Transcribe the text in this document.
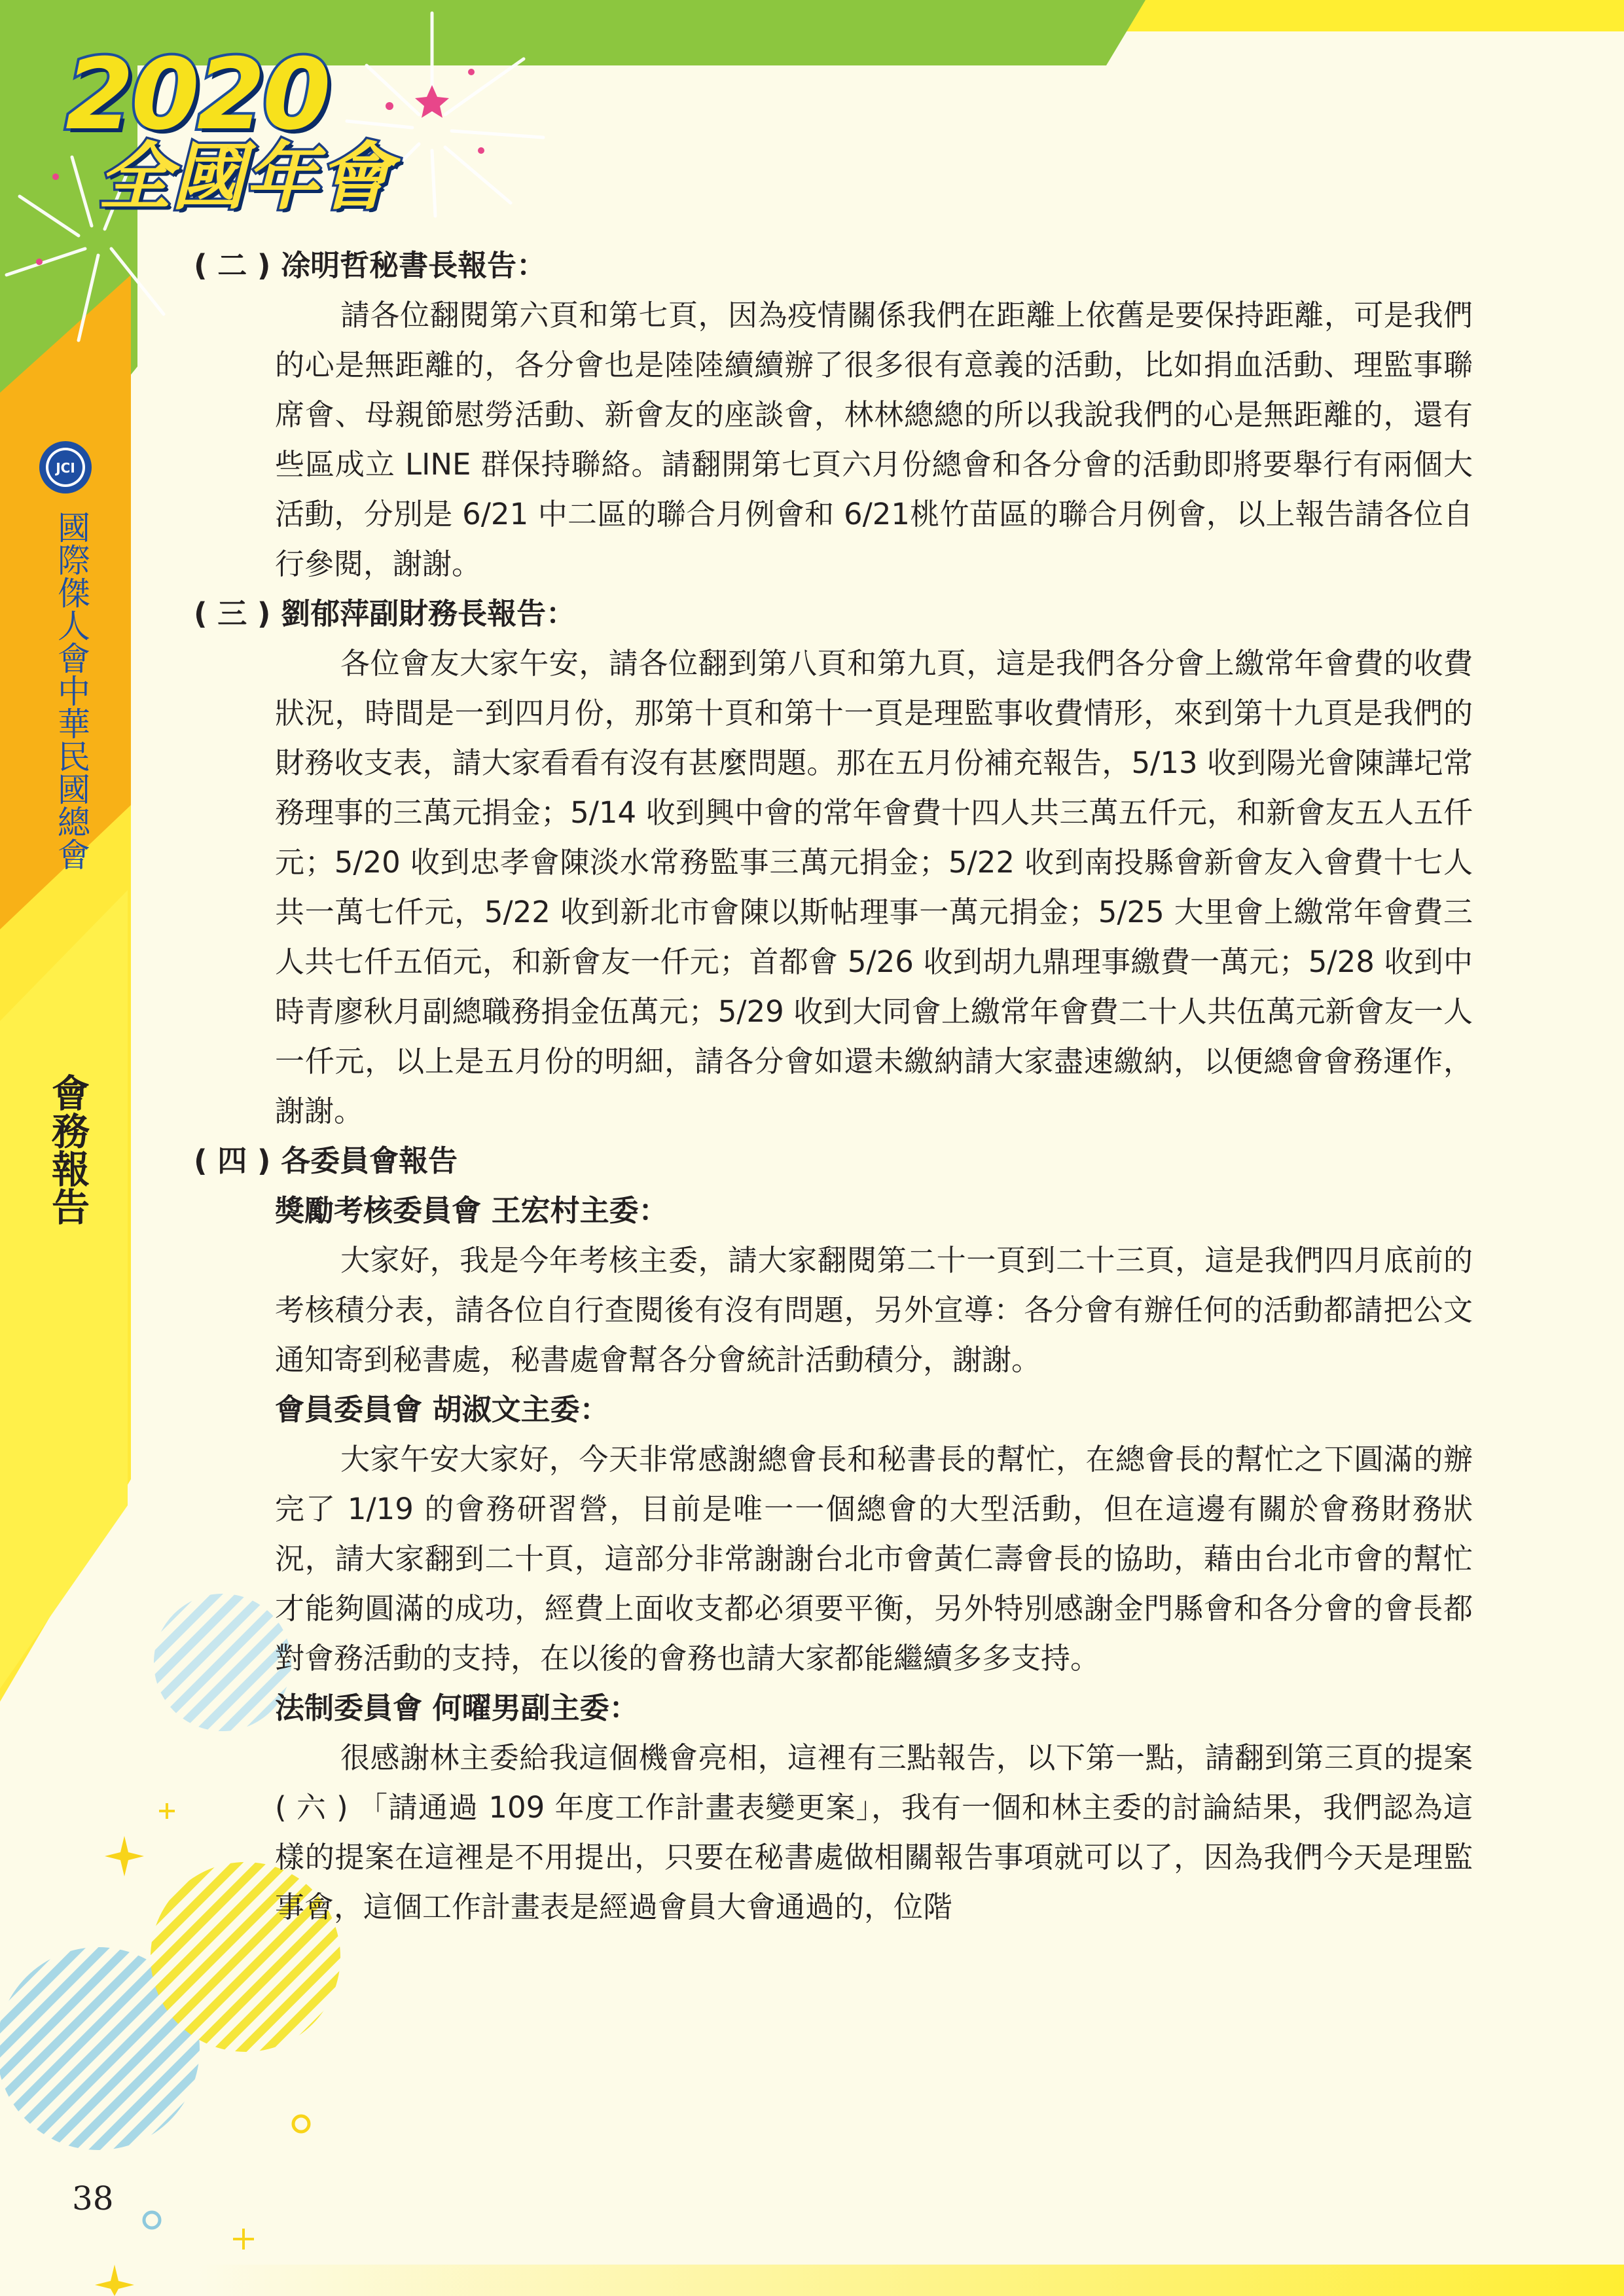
2020
全國年會
JCI
國際傑人會中華民國總會
會務報告

( 二 ) 凃明哲秘書長報告：

請各位翻閱第六頁和第七頁，因為疫情關係我們在距離上依舊是要保持距離，可是我們的心是無距離的，各分會也是陸陸續續辦了很多很有意義的活動，比如捐血活動、理監事聯席會、母親節慰勞活動、新會友的座談會，林林總總的所以我說我們的心是無距離的，還有些區成立 LINE 群保持聯絡。請翻開第七頁六月份總會和各分會的活動即將要舉行有兩個大活動，分別是 6/21 中二區的聯合月例會和 6/21桃竹苗區的聯合月例會，以上報告請各位自行參閱，謝謝。

( 三 ) 劉郁萍副財務長報告：

各位會友大家午安，請各位翻到第八頁和第九頁，這是我們各分會上繳常年會費的收費狀況，時間是一到四月份，那第十頁和第十一頁是理監事收費情形，來到第十九頁是我們的財務收支表，請大家看看有沒有甚麼問題。那在五月份補充報告，5/13 收到陽光會陳譁圮常務理事的三萬元捐金；5/14 收到興中會的常年會費十四人共三萬五仟元，和新會友五人五仟元；5/20 收到忠孝會陳淡水常務監事三萬元捐金；5/22 收到南投縣會新會友入會費十七人共一萬七仟元，5/22 收到新北市會陳以斯帖理事一萬元捐金；5/25 大里會上繳常年會費三人共七仟五佰元，和新會友一仟元；首都會 5/26 收到胡九鼎理事繳費一萬元；5/28 收到中時青廖秋月副總職務捐金伍萬元；5/29 收到大同會上繳常年會費二十人共伍萬元新會友一人一仟元，以上是五月份的明細，請各分會如還未繳納請大家盡速繳納，以便總會會務運作，謝謝。

( 四 ) 各委員會報告

獎勵考核委員會 王宏村主委：

大家好，我是今年考核主委，請大家翻閱第二十一頁到二十三頁，這是我們四月底前的考核積分表，請各位自行查閱後有沒有問題，另外宣導：各分會有辦任何的活動都請把公文通知寄到秘書處，秘書處會幫各分會統計活動積分，謝謝。

會員委員會 胡淑文主委：

大家午安大家好，今天非常感謝總會長和秘書長的幫忙，在總會長的幫忙之下圓滿的辦完了 1/19 的會務研習營，目前是唯一一個總會的大型活動，但在這邊有關於會務財務狀況，請大家翻到二十頁，這部分非常謝謝台北市會黃仁壽會長的協助，藉由台北市會的幫忙才能夠圓滿的成功，經費上面收支都必須要平衡，另外特別感謝金門縣會和各分會的會長都對會務活動的支持，在以後的會務也請大家都能繼續多多支持。

法制委員會 何曜男副主委：

很感謝林主委給我這個機會亮相，這裡有三點報告，以下第一點，請翻到第三頁的提案 ( 六 ) 「請通過 109 年度工作計畫表變更案」，我有一個和林主委的討論結果，我們認為這樣的提案在這裡是不用提出，只要在秘書處做相關報告事項就可以了，因為我們今天是理監事會，這個工作計畫表是經過會員大會通過的，位階

38
